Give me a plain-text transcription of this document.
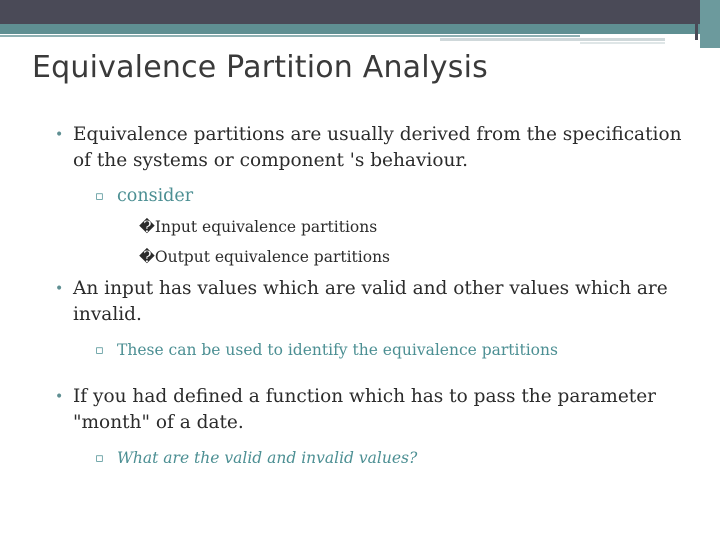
Equivalence Partition Analysis
• Equivalence partitions are usually derived from the specification of the systems or component 's behaviour.
▫ consider
�Input equivalence partitions
�Output equivalence partitions
• An input has values which are valid and other values which are invalid.
▫ These can be used to identify the equivalence partitions
• If you had defined a function which has to pass the parameter "month" of a date.
▫ What are the valid and invalid values?
